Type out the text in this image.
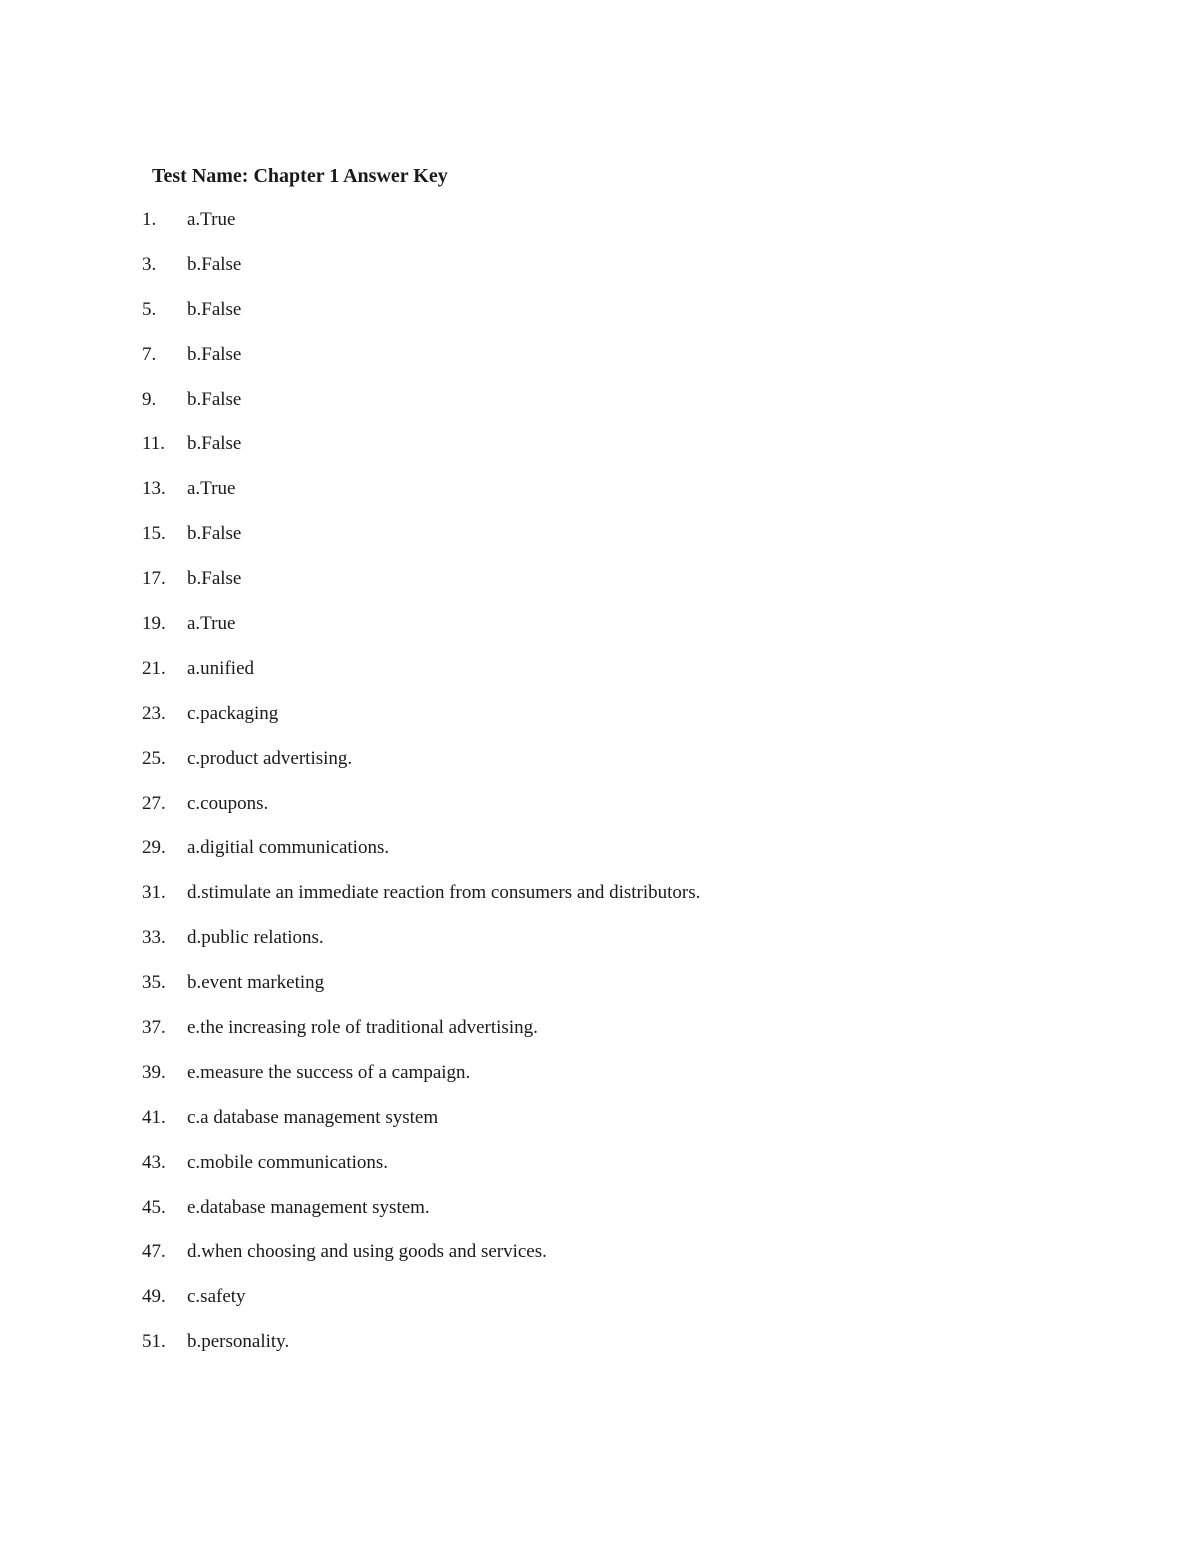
Test Name: Chapter 1 Answer Key
1. a.True
3. b.False
5. b.False
7. b.False
9. b.False
11. b.False
13. a.True
15. b.False
17. b.False
19. a.True
21. a.unified
23. c.packaging
25. c.product advertising.
27. c.coupons.
29. a.digitial communications.
31. d.stimulate an immediate reaction from consumers and distributors.
33. d.public relations.
35. b.event marketing
37. e.the increasing role of traditional advertising.
39. e.measure the success of a campaign.
41. c.a database management system
43. c.mobile communications.
45. e.database management system.
47. d.when choosing and using goods and services.
49. c.safety
51. b.personality.
